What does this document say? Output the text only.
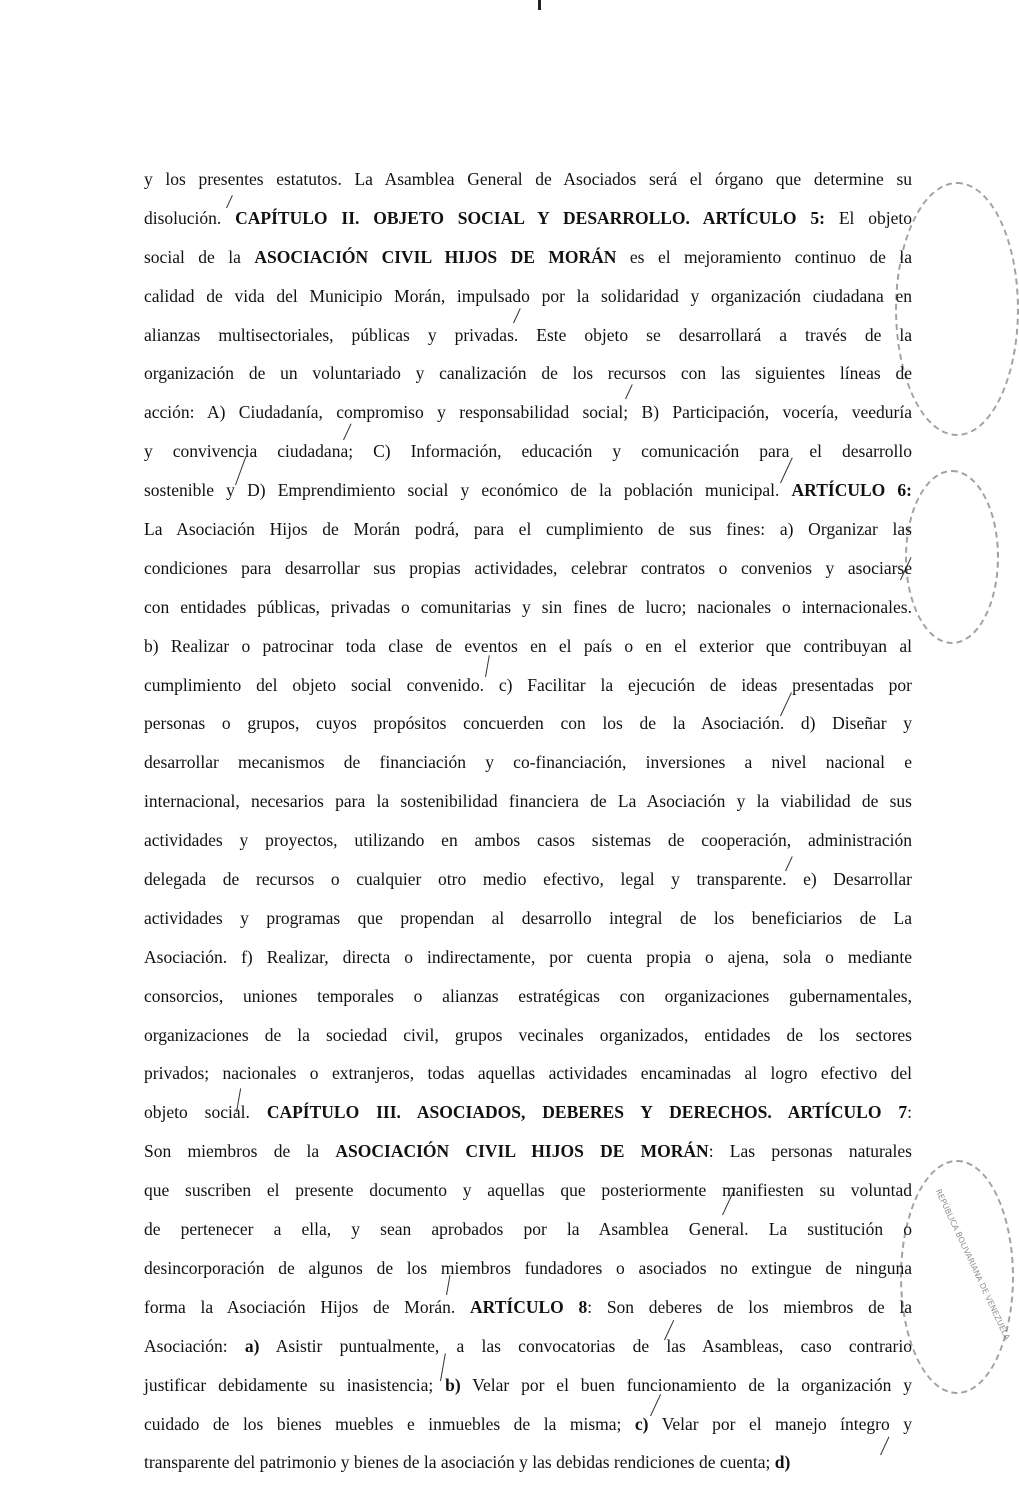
REPÚBLICA BOLIVARIANA DE VENEZUELA
y los presentes estatutos. La Asamblea General de Asociados será el órgano que determine su
disolución. CAPÍTULO II. OBJETO SOCIAL Y DESARROLLO. ARTÍCULO 5: El objeto
social de la ASOCIACIÓN CIVIL HIJOS DE MORÁN es el mejoramiento continuo de la
calidad de vida del Municipio Morán, impulsado por la solidaridad y organización ciudadana en
alianzas multisectoriales, públicas y privadas. Este objeto se desarrollará a través de la
organización de un voluntariado y canalización de los recursos con las siguientes líneas de
acción: A) Ciudadanía, compromiso y responsabilidad social; B) Participación, vocería, veeduría
y convivencia ciudadana; C) Información, educación y comunicación para el desarrollo
sostenible y D) Emprendimiento social y económico de la población municipal. ARTÍCULO 6:
La Asociación Hijos de Morán podrá, para el cumplimiento de sus fines: a) Organizar las
condiciones para desarrollar sus propias actividades, celebrar contratos o convenios y asociarse
con entidades públicas, privadas o comunitarias y sin fines de lucro; nacionales o internacionales.
b) Realizar o patrocinar toda clase de eventos en el país o en el exterior que contribuyan al
cumplimiento del objeto social convenido. c) Facilitar la ejecución de ideas presentadas por
personas o grupos, cuyos propósitos concuerden con los de la Asociación. d) Diseñar y
desarrollar mecanismos de financiación y co-financiación, inversiones a nivel nacional e
internacional, necesarios para la sostenibilidad financiera de La Asociación y la viabilidad de sus
actividades y proyectos, utilizando en ambos casos sistemas de cooperación, administración
delegada de recursos o cualquier otro medio efectivo, legal y transparente. e) Desarrollar
actividades y programas que propendan al desarrollo integral de los beneficiarios de La
Asociación. f) Realizar, directa o indirectamente, por cuenta propia o ajena, sola o mediante
consorcios, uniones temporales o alianzas estratégicas con organizaciones gubernamentales,
organizaciones de la sociedad civil, grupos vecinales organizados, entidades de los sectores
privados; nacionales o extranjeros, todas aquellas actividades encaminadas al logro efectivo del
objeto social. CAPÍTULO III. ASOCIADOS, DEBERES Y DERECHOS. ARTÍCULO 7:
Son miembros de la ASOCIACIÓN CIVIL HIJOS DE MORÁN: Las personas naturales
que suscriben el presente documento y aquellas que posteriormente manifiesten su voluntad
de pertenecer a ella, y sean aprobados por la Asamblea General. La sustitución o
desincorporación de algunos de los miembros fundadores o asociados no extingue de ninguna
forma la Asociación Hijos de Morán. ARTÍCULO 8: Son deberes de los miembros de la
Asociación: a) Asistir puntualmente, a las convocatorias de las Asambleas, caso contrario
justificar debidamente su inasistencia; b) Velar por el buen funcionamiento de la organización y
cuidado de los bienes muebles e inmuebles de la misma; c) Velar por el manejo íntegro y
transparente del patrimonio y bienes de la asociación y las debidas rendiciones de cuenta; d)
